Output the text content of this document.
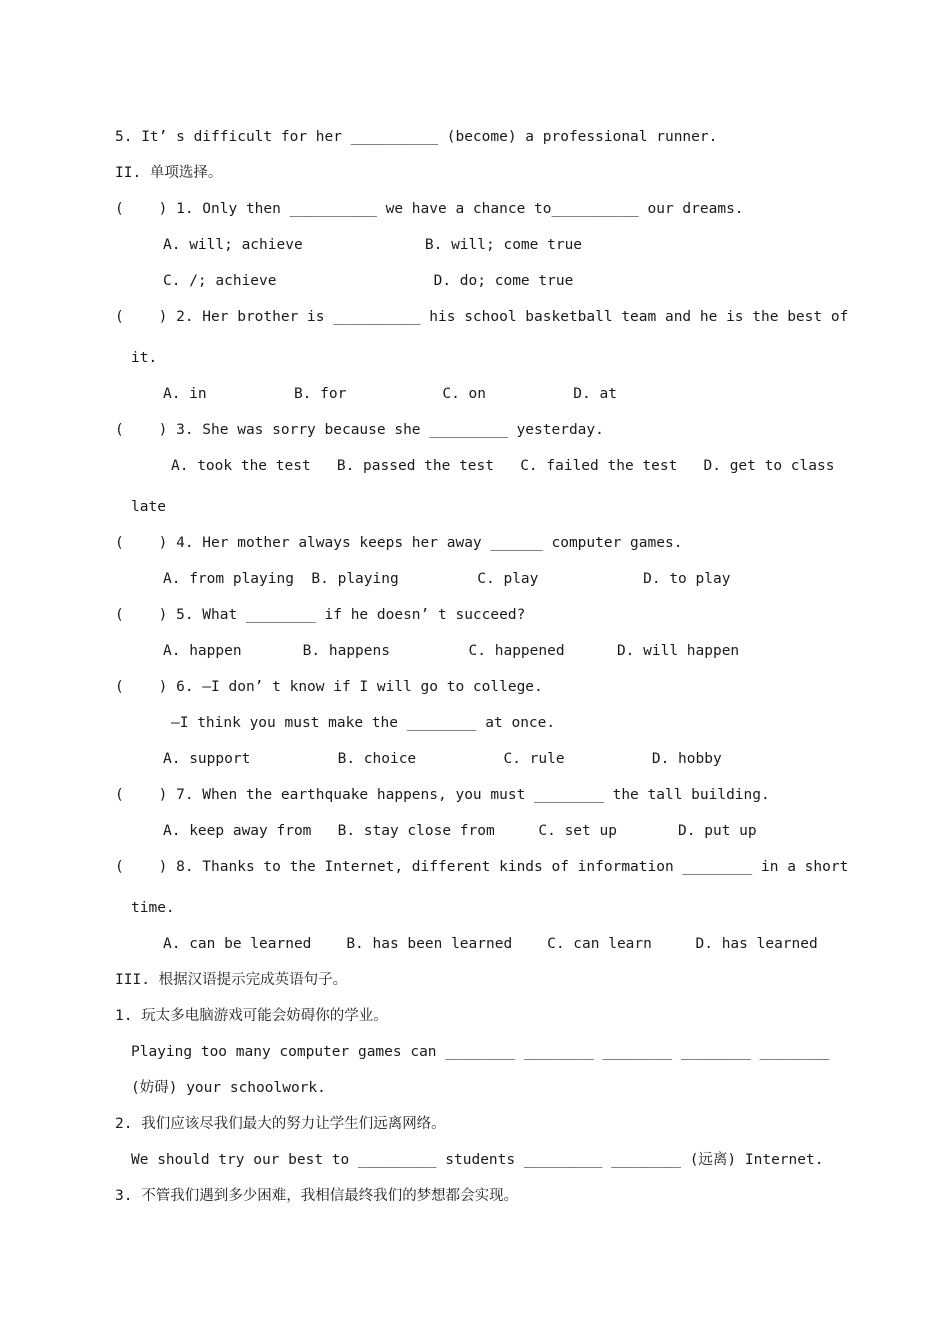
5. It’ s difficult for her __________ (become) a professional runner.
II. 单项选择。
(    ) 1. Only then __________ we have a chance to__________ our dreams.
A. will; achieve              B. will; come true
C. /; achieve                  D. do; come true
(    ) 2. Her brother is __________ his school basketball team and he is the best of
it.
A. in          B. for           C. on          D. at
(    ) 3. She was sorry because she _________ yesterday.
A. took the test   B. passed the test   C. failed the test   D. get to class
late
(    ) 4. Her mother always keeps her away ______ computer games.
A. from playing  B. playing         C. play            D. to play
(    ) 5. What ________ if he doesn’ t succeed?
A. happen       B. happens         C. happened      D. will happen
(    ) 6. —I don’ t know if I will go to college.
—I think you must make the ________ at once.
A. support          B. choice          C. rule          D. hobby
(    ) 7. When the earthquake happens, you must ________ the tall building.
A. keep away from   B. stay close from     C. set up       D. put up
(    ) 8. Thanks to the Internet, different kinds of information ________ in a short
time.
A. can be learned    B. has been learned    C. can learn     D. has learned
III. 根据汉语提示完成英语句子。
1. 玩太多电脑游戏可能会妨碍你的学业。
Playing too many computer games can ________ ________ ________ ________ ________
(妨碍) your schoolwork.
2. 我们应该尽我们最大的努力让学生们远离网络。
We should try our best to _________ students _________ ________ (远离) Internet.
3. 不管我们遇到多少困难，我相信最终我们的梦想都会实现。
